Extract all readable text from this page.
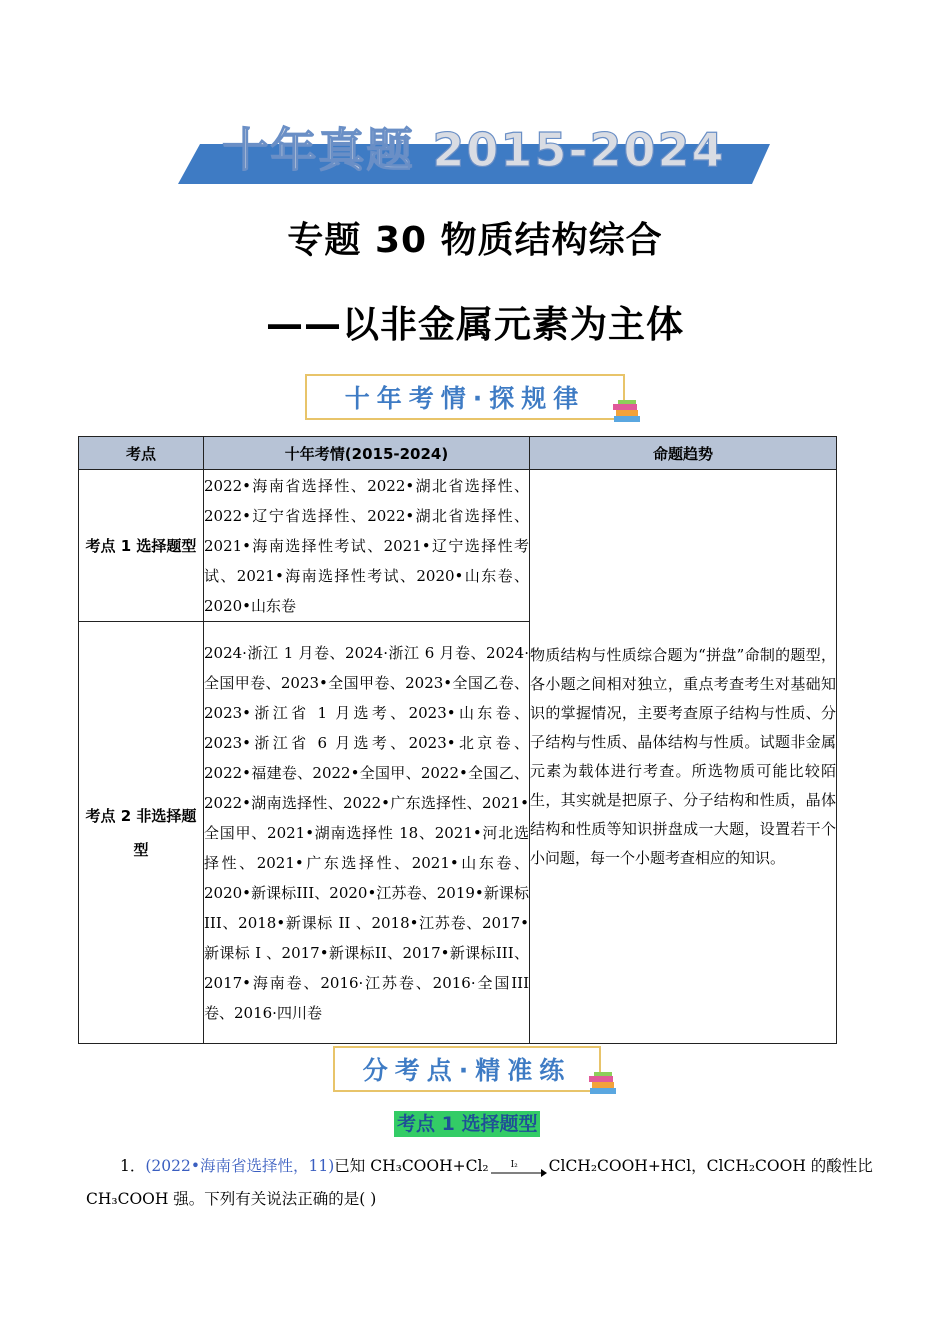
十年真题 2015-2024
专题 30 物质结构综合
——以非金属元素为主体
十年考情·探规律
考点	十年考情(2015-2024)	命题趋势
考点 1 选择题型	2022•海南省选择性、2022•湖北省选择性、2022•辽宁省选择性、2022•湖北省选择性、2021•海南选择性考试、2021•辽宁选择性考试、2021•海南选择性考试、2020•山东卷、2020•山东卷	物质结构与性质综合题为“拼盘”命制的题型，各小题之间相对独立，重点考查考生对基础知识的掌握情况，主要考查原子结构与性质、分子结构与性质、晶体结构与性质。试题非金属元素为载体进行考查。所选物质可能比较陌生，其实就是把原子、分子结构和性质，晶体结构和性质等知识拼盘成一大题，设置若干个小问题，每一个小题考查相应的知识。
考点 2 非选择题型	2024·浙江 1 月卷、2024·浙江 6 月卷、2024·全国甲卷、2023•全国甲卷、2023•全国乙卷、2023•浙江省 1 月选考、2023•山东卷、2023•浙江省 6 月选考、2023•北京卷、2022•福建卷、2022•全国甲、2022•全国乙、2022•湖南选择性、2022•广东选择性、2021•全国甲、2021•湖南选择性 18、2021•河北选择性、2021•广东选择性、2021•山东卷、2020•新课标III、2020•江苏卷、2019•新课标III、2018•新课标 II 、2018•江苏卷、2017•新课标 I 、2017•新课标II、2017•新课标III、2017•海南卷、2016·江苏卷、2016·全国III卷、2016·四川卷	
分考点·精准练
考点 1 选择题型
1．(2022•海南省选择性，11)已知 CH₃COOH+Cl₂ I₂ ClCH₂COOH+HCl，ClCH₂COOH 的酸性比
CH₃COOH 强。下列有关说法正确的是( )
